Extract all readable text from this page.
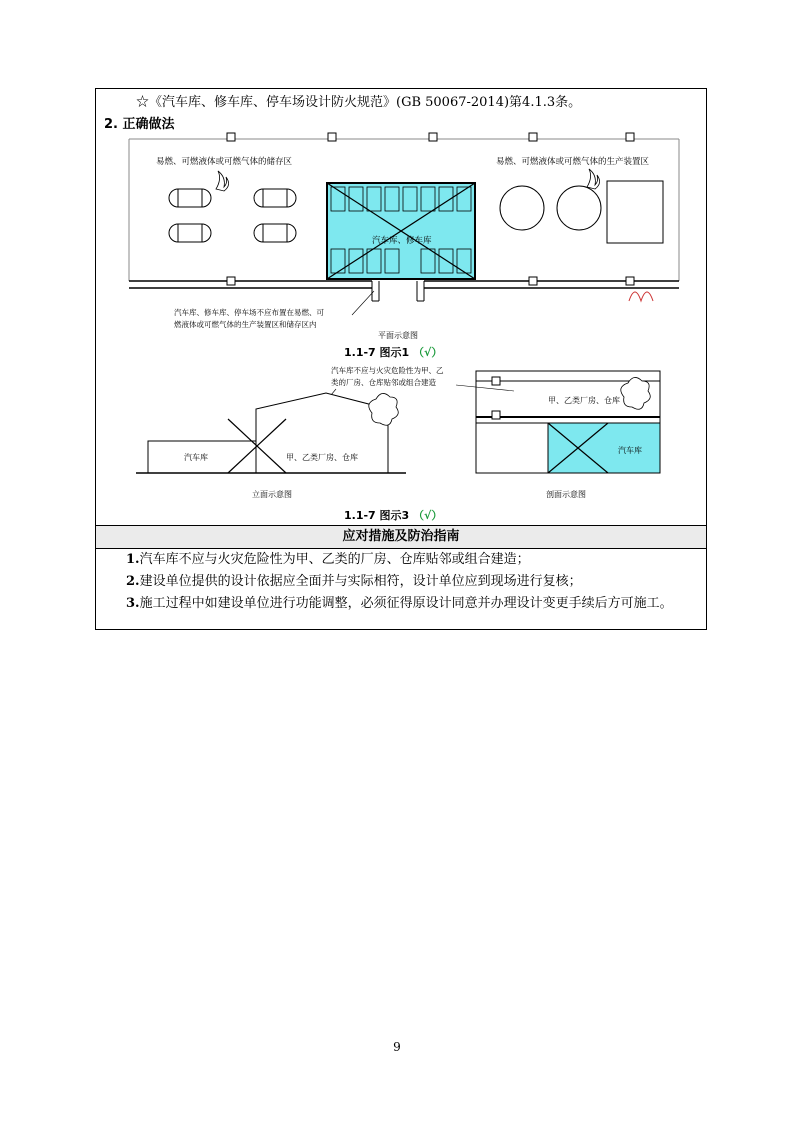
☆《汽车库、修车库、停车场设计防火规范》(GB 50067-2014)第4.1.3条。
2. 正确做法
易燃、可燃液体或可燃气体的储存区	易燃、可燃液体或可燃气体的生产装置区
汽车库、修车库
汽车库、修车库、停车场不应布置在易燃、可
燃液体或可燃气体的生产装置区和储存区内
平面示意图
1.1-7 图示1 （√）
汽车库不应与火灾危险性为甲、乙
类的厂房、仓库贴邻或组合建造
汽车库	甲、乙类厂房、仓库
立面示意图
甲、乙类厂房、仓库
汽车库
剖面示意图
1.1-7 图示3 （√）
应对措施及防治指南
1.汽车库不应与火灾危险性为甲、乙类的厂房、仓库贴邻或组合建造；
2.建设单位提供的设计依据应全面并与实际相符，设计单位应到现场进行复核；
3.施工过程中如建设单位进行功能调整，必须征得原设计同意并办理设计变更手续后方可施工。
9
